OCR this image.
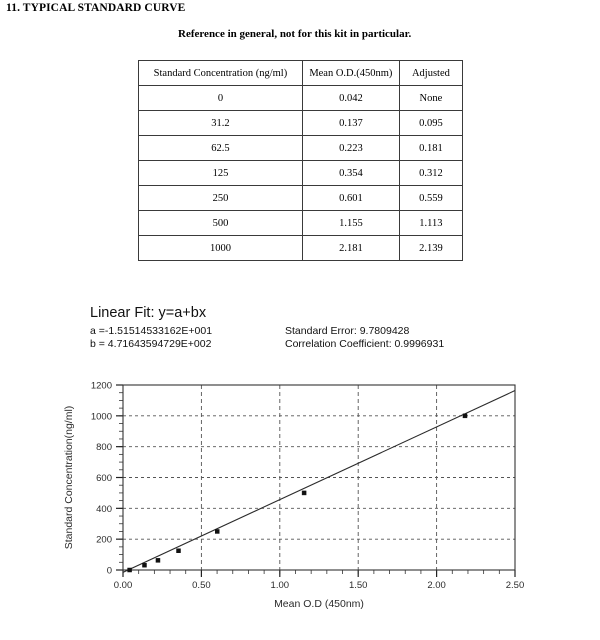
11. TYPICAL STANDARD CURVE
Reference in general, not for this kit in particular.
Standard Concentration (ng/ml)	Mean O.D.(450nm)	Adjusted
0	0.042	None
31.2	0.137	0.095
62.5	0.223	0.181
125	0.354	0.312
250	0.601	0.559
500	1.155	1.113
1000	2.181	2.139
Linear Fit: y=a+bx
a =-1.51514533162E+001	Standard Error: 9.7809428
b = 4.71643594729E+002	Correlation Coefficient: 0.9996931
0.00	0.50	1.00	1.50	2.00	2.50
0
200
400
600
800
1000
1200
Mean O.D (450nm)
Standard Concentration(ng/ml)
